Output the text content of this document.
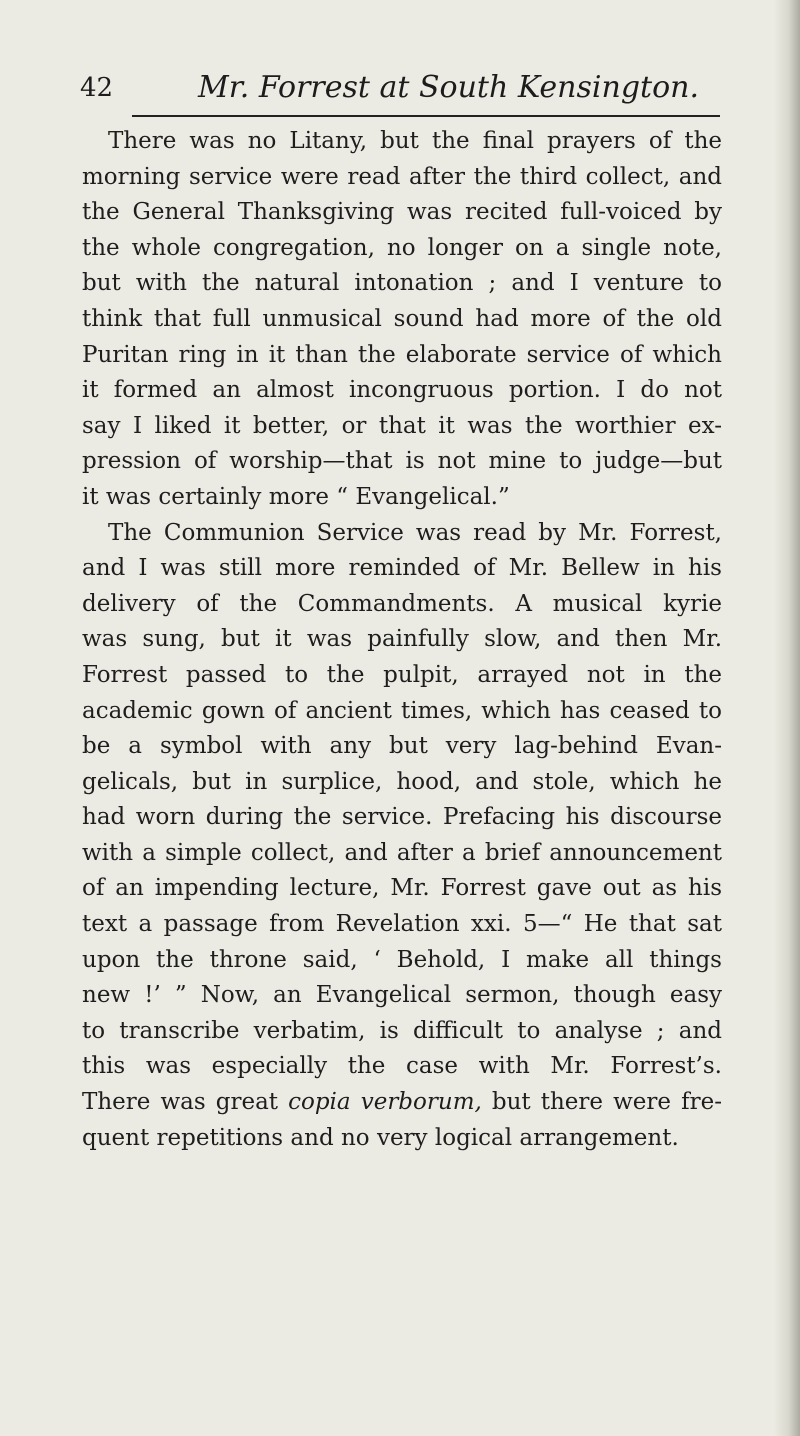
42	Mr. Forrest at South Kensington.
There was no Litany, but the final prayers of the
morning service were read after the third collect, and
the General Thanksgiving was recited full-voiced by
the whole congregation, no longer on a single note,
but with the natural intonation ; and I venture to
think that full unmusical sound had more of the old
Puritan ring in it than the elaborate service of which
it formed an almost incongruous portion. I do not
say I liked it better, or that it was the worthier ex-
pression of worship—that is not mine to judge—but
it was certainly more “ Evangelical.”
The Communion Service was read by Mr. Forrest,
and I was still more reminded of Mr. Bellew in his
delivery of the Commandments. A musical kyrie
was sung, but it was painfully slow, and then Mr.
Forrest passed to the pulpit, arrayed not in the
academic gown of ancient times, which has ceased to
be a symbol with any but very lag-behind Evan-
gelicals, but in surplice, hood, and stole, which he
had worn during the service. Prefacing his discourse
with a simple collect, and after a brief announcement
of an impending lecture, Mr. Forrest gave out as his
text a passage from Revelation xxi. 5—“ He that sat
upon the throne said, ‘ Behold, I make all things
new !’ ” Now, an Evangelical sermon, though easy
to transcribe verbatim, is difficult to analyse ; and
this was especially the case with Mr. Forrest’s.
There was great copia verborum, but there were fre-
quent repetitions and no very logical arrangement.
